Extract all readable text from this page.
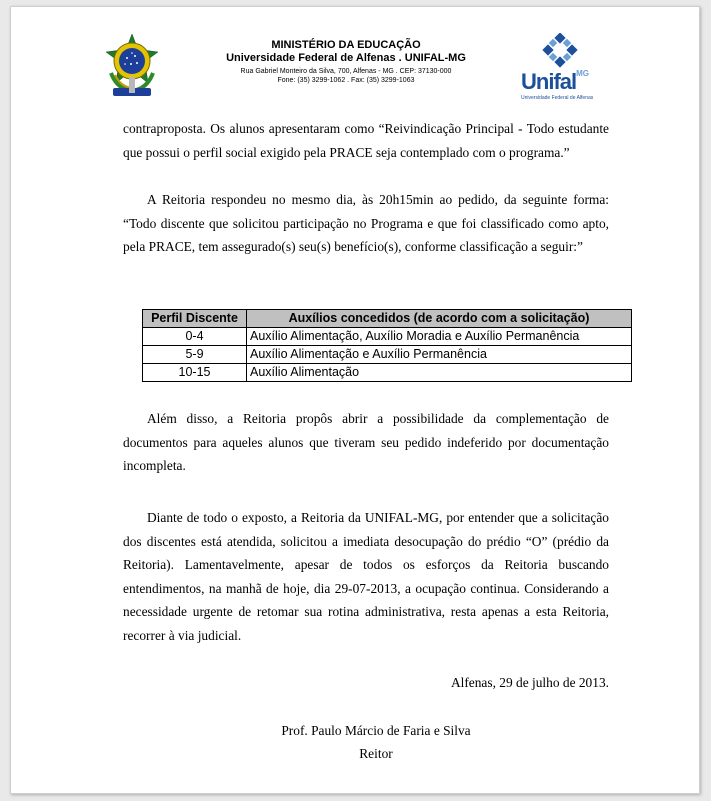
MINISTÉRIO DA EDUCAÇÃO
Universidade Federal de Alfenas . UNIFAL-MG
Rua Gabriel Monteiro da Silva, 700, Alfenas - MG . CEP: 37130-000
Fone: (35) 3299-1062 . Fax: (35) 3299-1063	Unifal$^{MG}$
Universidade Federal de Alfenas

contraproposta. Os alunos apresentaram como “Reivindicação Principal - Todo estudante que possui o perfil social exigido pela PRACE seja contemplado com o programa.”

A Reitoria respondeu no mesmo dia, às 20h15min ao pedido, da seguinte forma: “Todo discente que solicitou participação no Programa e que foi classificado como apto, pela PRACE, tem assegurado(s) seu(s) benefício(s), conforme classificação a seguir:”

Perfil Discente	Auxílios concedidos (de acordo com a solicitação)
0-4	Auxílio Alimentação, Auxílio Moradia e Auxílio Permanência
5-9	Auxílio Alimentação e Auxílio Permanência
10-15	Auxílio Alimentação

Além disso, a Reitoria propôs abrir a possibilidade da complementação de documentos para aqueles alunos que tiveram seu pedido indeferido por documentação incompleta.

Diante de todo o exposto, a Reitoria da UNIFAL-MG, por entender que a solicitação dos discentes está atendida, solicitou a imediata desocupação do prédio “O” (prédio da Reitoria). Lamentavelmente, apesar de todos os esforços da Reitoria buscando entendimentos, na manhã de hoje, dia 29-07-2013, a ocupação continua. Considerando a necessidade urgente de retomar sua rotina administrativa, resta apenas a esta Reitoria, recorrer à via judicial.

Alfenas, 29 de julho de 2013.
Prof. Paulo Márcio de Faria e Silva
Reitor
